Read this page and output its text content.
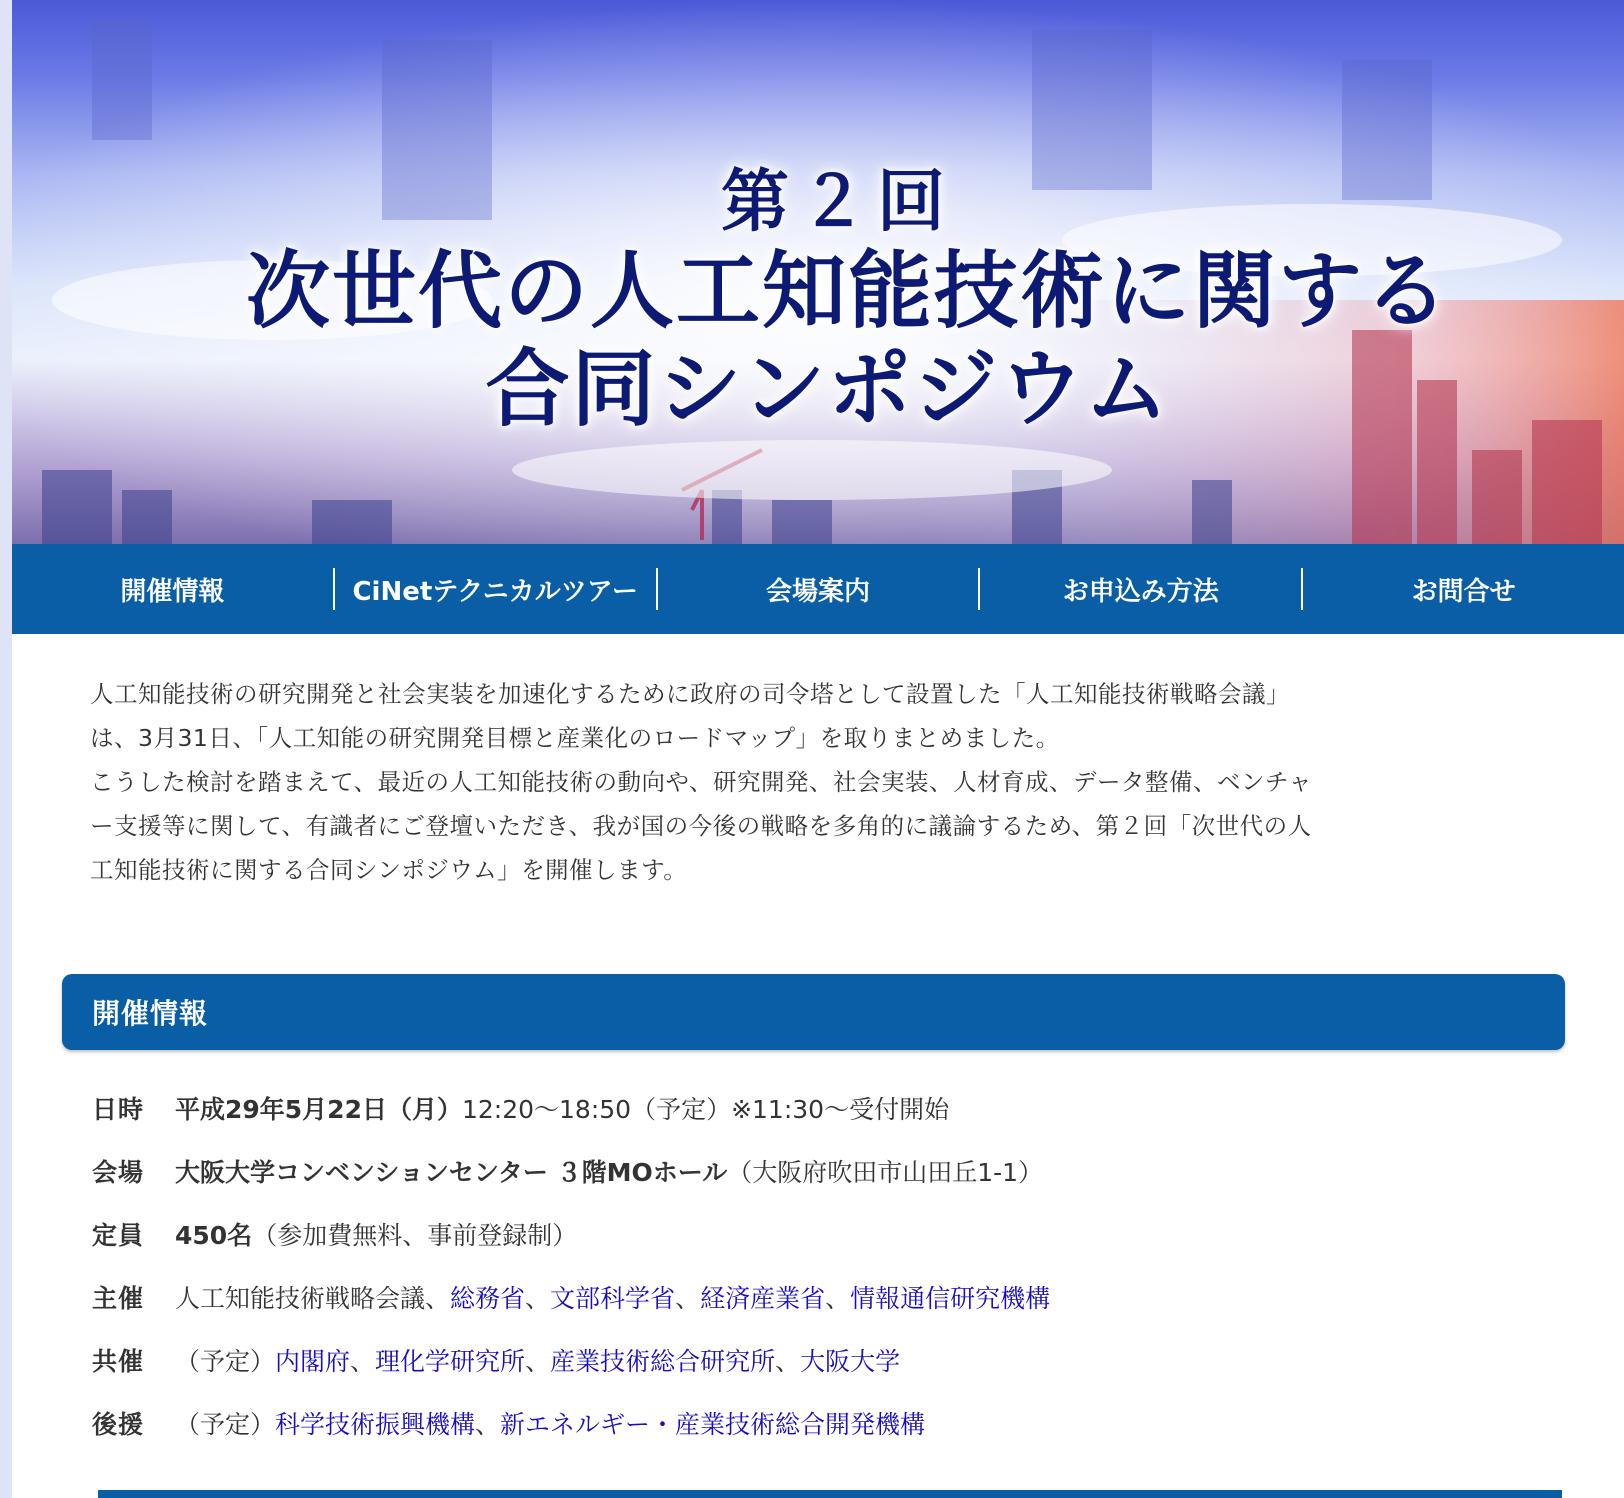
第２回
次世代の人工知能技術に関する
合同シンポジウム
開催情報	CiNetテクニカルツアー	会場案内	お申込み方法	お問合せ

人工知能技術の研究開発と社会実装を加速化するために政府の司令塔として設置した「人工知能技術戦略会議」

は、3月31日、「人工知能の研究開発目標と産業化のロードマップ」を取りまとめました。

こうした検討を踏まえて、最近の人工知能技術の動向や、研究開発、社会実装、人材育成、データ整備、ベンチャ

ー支援等に関して、有識者にご登壇いただき、我が国の今後の戦略を多角的に議論するため、第２回「次世代の人

工知能技術に関する合同シンポジウム」を開催します。

開催情報
日時	平成29年5月22日（月）12:20〜18:50（予定）※11:30〜受付開始
会場	大阪大学コンベンションセンター ３階MOホール（大阪府吹田市山田丘1-1）
定員	450名（参加費無料、事前登録制）
主催	人工知能技術戦略会議、総務省、文部科学省、経済産業省、情報通信研究機構
共催	（予定）内閣府、理化学研究所、産業技術総合研究所、大阪大学
後援	（予定）科学技術振興機構、新エネルギー・産業技術総合開発機構
